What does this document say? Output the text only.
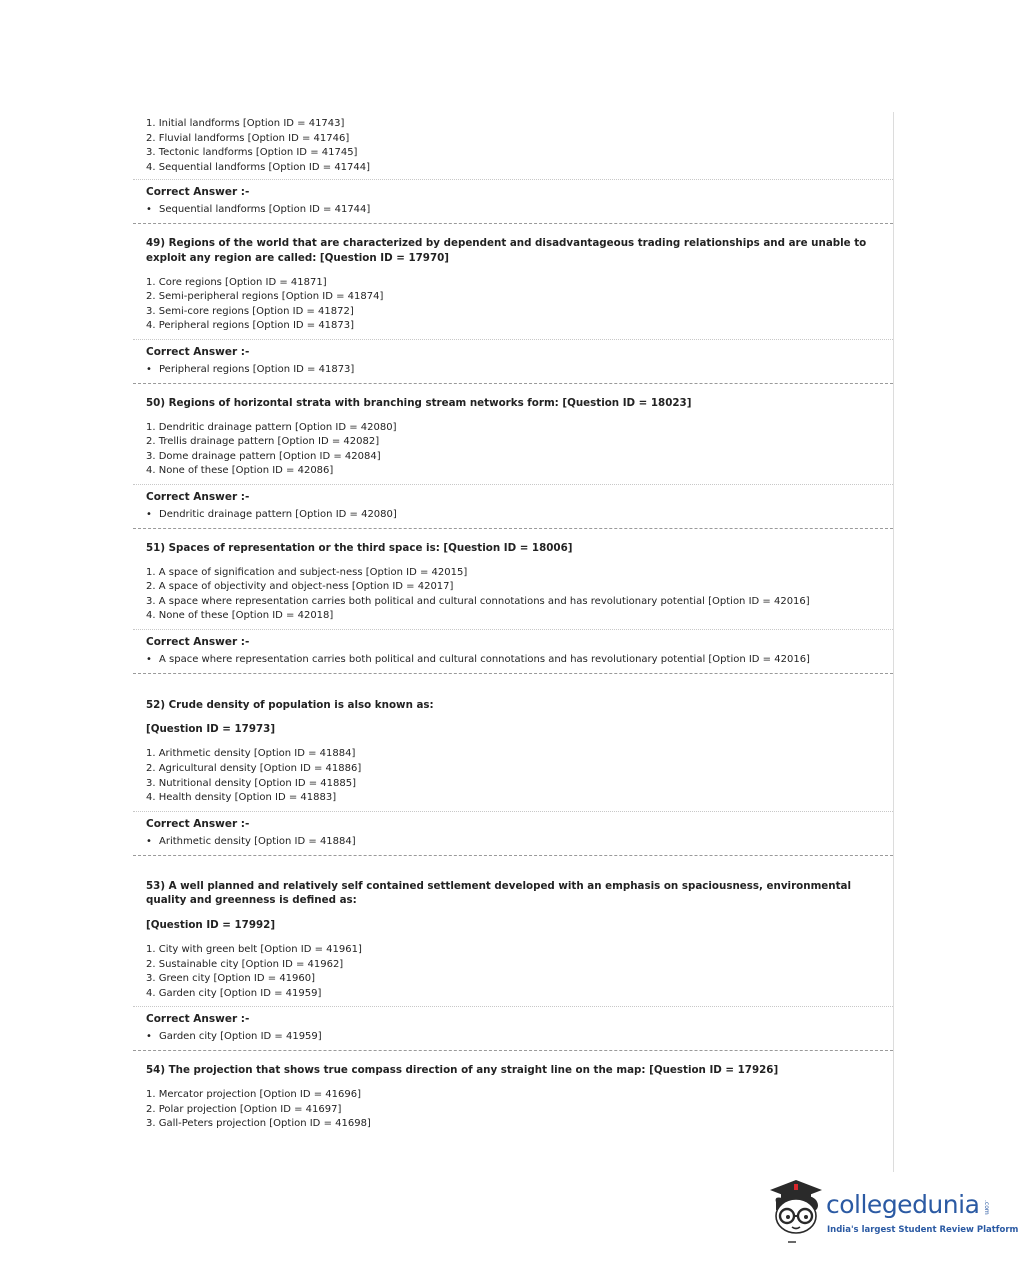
1. Initial landforms [Option ID = 41743]
2. Fluvial landforms [Option ID = 41746]
3. Tectonic landforms [Option ID = 41745]
4. Sequential landforms [Option ID = 41744]
Correct Answer :-
• Sequential landforms [Option ID = 41744]
49) Regions of the world that are characterized by dependent and disadvantageous trading relationships and are unable to exploit any region are called: [Question ID = 17970]
1. Core regions [Option ID = 41871]
2. Semi-peripheral regions [Option ID = 41874]
3. Semi-core regions [Option ID = 41872]
4. Peripheral regions [Option ID = 41873]
Correct Answer :-
• Peripheral regions [Option ID = 41873]
50) Regions of horizontal strata with branching stream networks form: [Question ID = 18023]
1. Dendritic drainage pattern [Option ID = 42080]
2. Trellis drainage pattern [Option ID = 42082]
3. Dome drainage pattern [Option ID = 42084]
4. None of these [Option ID = 42086]
Correct Answer :-
• Dendritic drainage pattern [Option ID = 42080]
51) Spaces of representation or the third space is: [Question ID = 18006]
1. A space of signification and subject-ness [Option ID = 42015]
2. A space of objectivity and object-ness [Option ID = 42017]
3. A space where representation carries both political and cultural connotations and has revolutionary potential [Option ID = 42016]
4. None of these [Option ID = 42018]
Correct Answer :-
• A space where representation carries both political and cultural connotations and has revolutionary potential [Option ID = 42016]
52) Crude density of population is also known as:
[Question ID = 17973]
1. Arithmetic density [Option ID = 41884]
2. Agricultural density [Option ID = 41886]
3. Nutritional density [Option ID = 41885]
4. Health density [Option ID = 41883]
Correct Answer :-
• Arithmetic density [Option ID = 41884]
53) A well planned and relatively self contained settlement developed with an emphasis on spaciousness, environmental quality and greenness is defined as:
[Question ID = 17992]
1. City with green belt [Option ID = 41961]
2. Sustainable city [Option ID = 41962]
3. Green city [Option ID = 41960]
4. Garden city [Option ID = 41959]
Correct Answer :-
• Garden city [Option ID = 41959]
54) The projection that shows true compass direction of any straight line on the map: [Question ID = 17926]
1. Mercator projection [Option ID = 41696]
2. Polar projection [Option ID = 41697]
3. Gall-Peters projection [Option ID = 41698]
collegedunia .com
India's largest Student Review Platform
